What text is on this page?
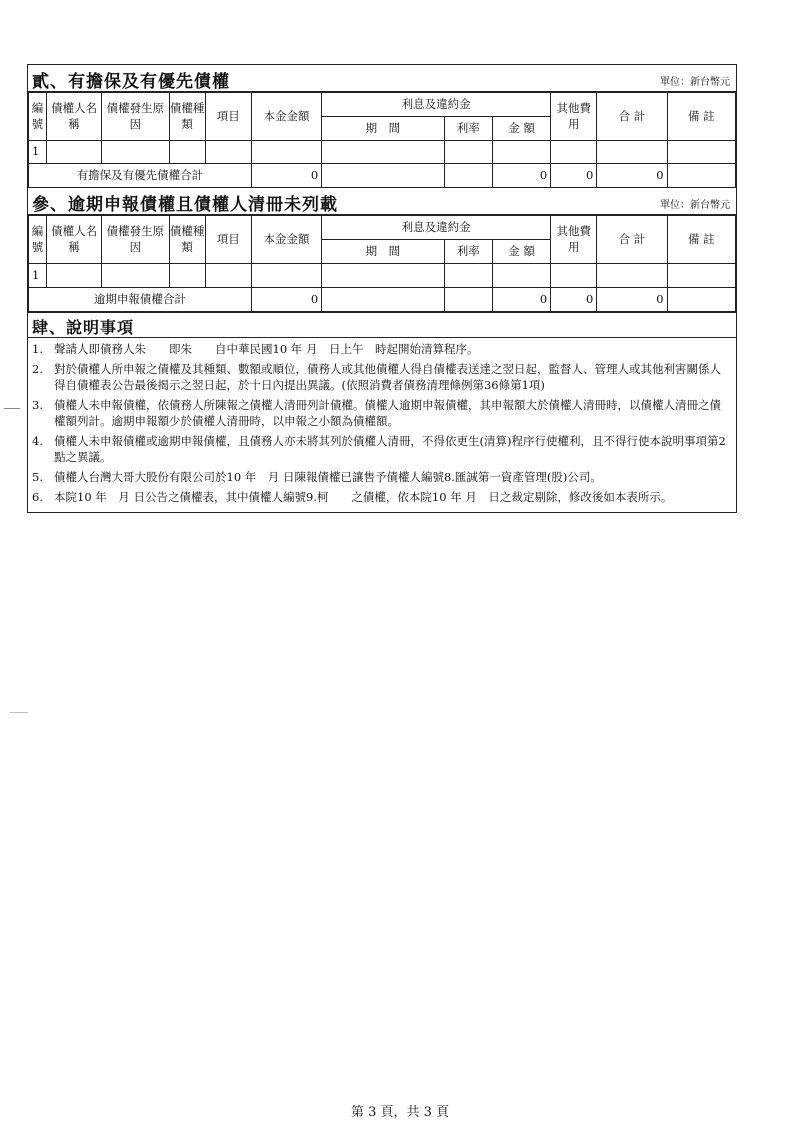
貳、有擔保及有優先債權	單位：新台幣元
編號	債權人名稱	債權發生原因	債權種類	項目	本金金額	利息及違約金			其他費用	合 計	備 註
						期　間	利率	金 額			
1											
有擔保及有優先債權合計					0			0	0	0	
參、逾期申報債權且債權人清冊未列載	單位：新台幣元
編號	債權人名稱	債權發生原因	債權種類	項目	本金金額	利息及違約金			其他費用	合 計	備 註
						期　間	利率	金 額			
1											
逾期申報債權合計					0			0	0	0	
肆、說明事項
1. 聲請人即債務人朱　　即朱　　自中華民國10 年 月　日上午　時起開始清算程序。
2. 對於債權人所申報之債權及其種類、數額或順位，債務人或其他債權人得自債權表送達之翌日起，監督人、管理人或其他利害關係人得自債權表公告最後揭示之翌日起，於十日內提出異議。(依照消費者債務清理條例第36條第1項)
3. 債權人未申報債權，依債務人所陳報之債權人清冊列計債權。債權人逾期申報債權，其申報額大於債權人清冊時，以債權人清冊之債權額列計。逾期申報額少於債權人清冊時，以申報之小額為債權額。
4. 債權人未申報債權或逾期申報債權，且債務人亦未將其列於債權人清冊，不得依更生(清算)程序行使權利，且不得行使本說明事項第2點之異議。
5. 債權人台灣大哥大股份有限公司於10 年　月 日陳報債權已讓售予債權人編號8.匯誠第一資產管理(股)公司。
6. 本院10 年　月 日公告之債權表，其中債權人編號9.柯　　之債權，依本院10 年 月　日之裁定剔除，修改後如本表所示。
第 3 頁，共 3 頁
